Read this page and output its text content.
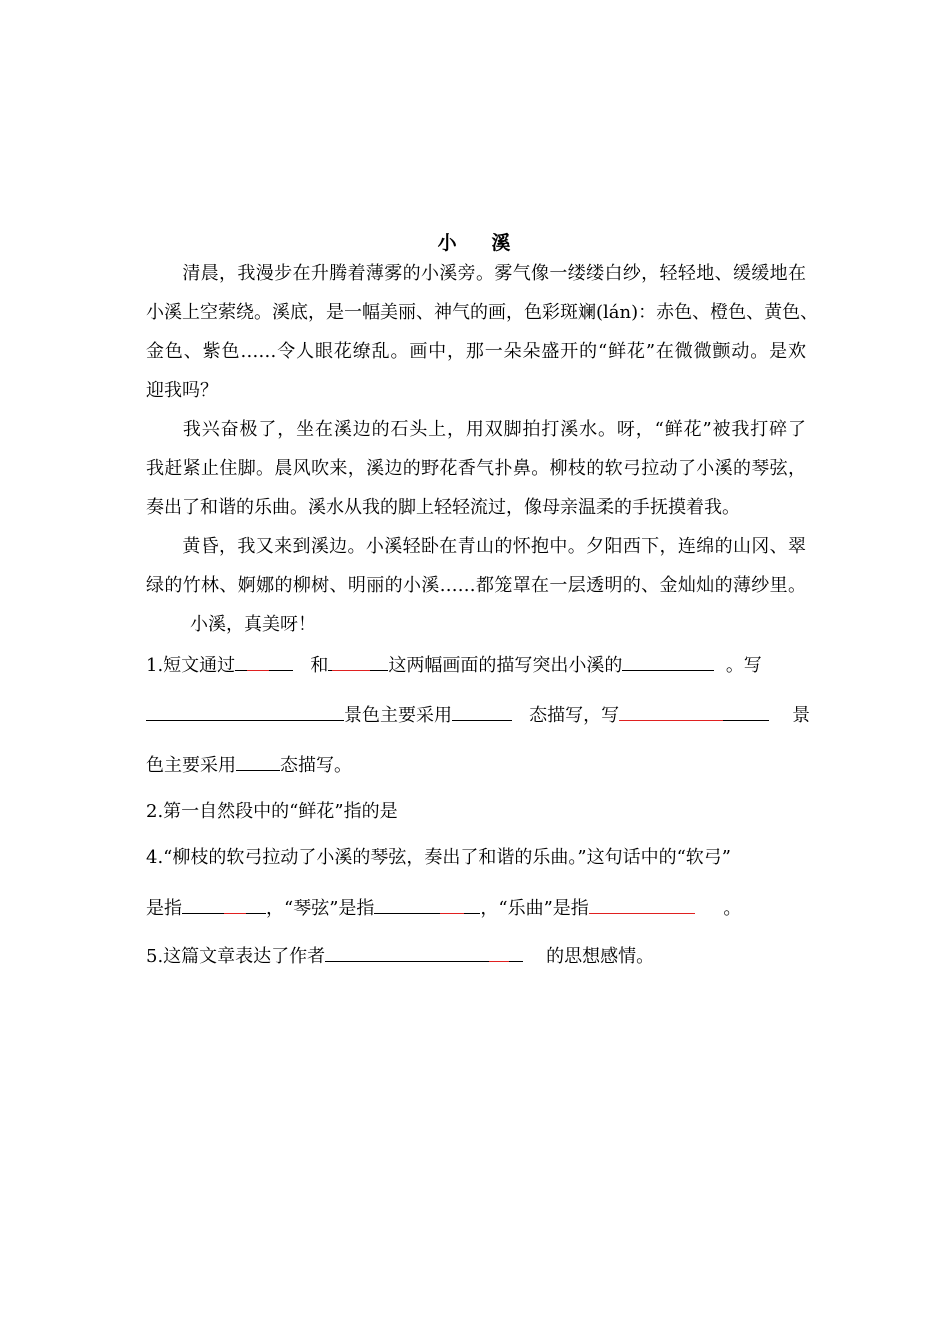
小 溪
清晨，我漫步在升腾着薄雾的小溪旁。雾气像一缕缕白纱，轻轻地、缓缓地在
小溪上空萦绕。溪底，是一幅美丽、神气的画，色彩斑斓(lán)：赤色、橙色、黄色、
金色、紫色……令人眼花缭乱。画中，那一朵朵盛开的“鲜花”在微微颤动。是欢
迎我吗？
我兴奋极了，坐在溪边的石头上，用双脚拍打溪水。呀，“鲜花”被我打碎了
我赶紧止住脚。晨风吹来，溪边的野花香气扑鼻。柳枝的软弓拉动了小溪的琴弦，
奏出了和谐的乐曲。溪水从我的脚上轻轻流过，像母亲温柔的手抚摸着我。
黄昏，我又来到溪边。小溪轻卧在青山的怀抱中。夕阳西下，连绵的山冈、翠
绿的竹林、婀娜的柳树、明丽的小溪……都笼罩在一层透明的、金灿灿的薄纱里。
小溪，真美呀！
1.短文通过	和	这两幅画面的描写突出小溪的	。写
景色主要采用	态描写，写	景
色主要采用 态描写。
2.第一自然段中的“鲜花”指的是
4.“柳枝的软弓拉动了小溪的琴弦，奏出了和谐的乐曲。”这句话中的“软弓”
是指	，“琴弦”是指	，“乐曲”是指	。
5.这篇文章表达了作者	的思想感情。
